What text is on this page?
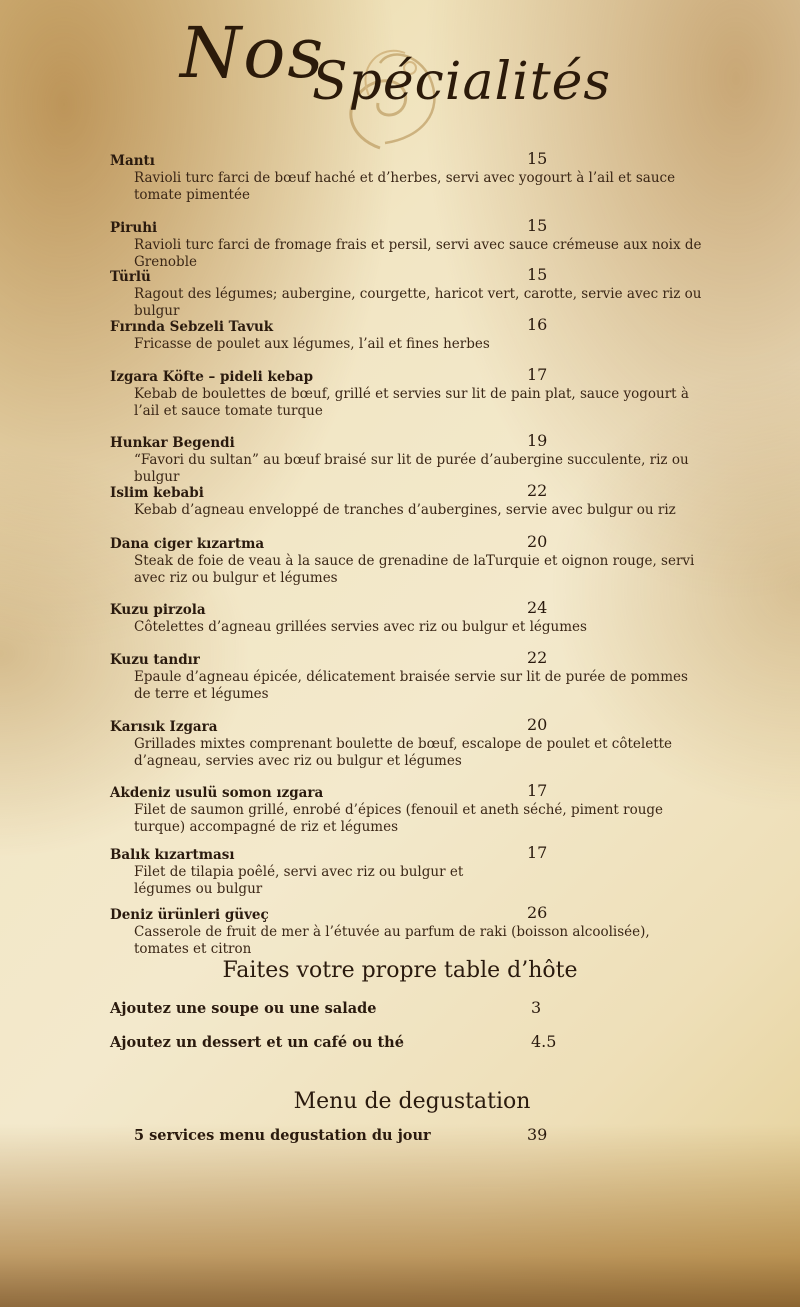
Nos
Spécialités
Mantı	15
Ravioli turc farci de bœuf haché et d’herbes, servi avec yogourt à l’ail et sauce tomate pimentée
Piruhi	15
Ravioli turc farci de fromage frais et persil, servi avec sauce crémeuse aux noix de Grenoble
Türlü	15
Ragout des légumes; aubergine, courgette, haricot vert, carotte, servie avec riz ou bulgur
Fırında Sebzeli Tavuk	16
Fricasse de poulet aux légumes, l’ail et fines herbes
Izgara Köfte – pideli kebap	17
Kebab de boulettes de bœuf, grillé et servies sur lit de pain plat, sauce yogourt à l’ail et sauce tomate turque
Hunkar Begendi	19
“Favori du sultan” au bœuf braisé sur lit de purée d’aubergine succulente, riz ou bulgur
Islim kebabi	22
Kebab d’agneau enveloppé de tranches d’aubergines, servie avec bulgur ou riz
Dana ciger kızartma	20
Steak de foie de veau à la sauce de grenadine de laTurquie et oignon rouge, servi avec riz ou bulgur et légumes
Kuzu pirzola	24
Côtelettes d’agneau grillées servies avec riz ou bulgur et légumes
Kuzu tandır	22
Epaule d’agneau épicée, délicatement braisée servie sur lit de purée de pommes de terre et légumes
Karısık Izgara	20
Grillades mixtes comprenant boulette de bœuf, escalope de poulet et côtelette d’agneau, servies avec riz ou bulgur et légumes
Akdeniz usulü somon ızgara	17
Filet de saumon grillé, enrobé d’épices (fenouil et aneth séché, piment rouge turque) accompagné de riz et légumes
Balık kızartması	17
Filet de tilapia poêlé, servi avec riz ou bulgur et légumes ou bulgur
Deniz ürünleri güveç	26
Casserole de fruit de mer à l’étuvée au parfum de raki (boisson alcoolisée), tomates et citron
Faites votre propre table d’hôte
Ajoutez une soupe ou une salade	3
Ajoutez un dessert et un café ou thé	4.5
Menu de degustation
5 services menu degustation du jour	39
